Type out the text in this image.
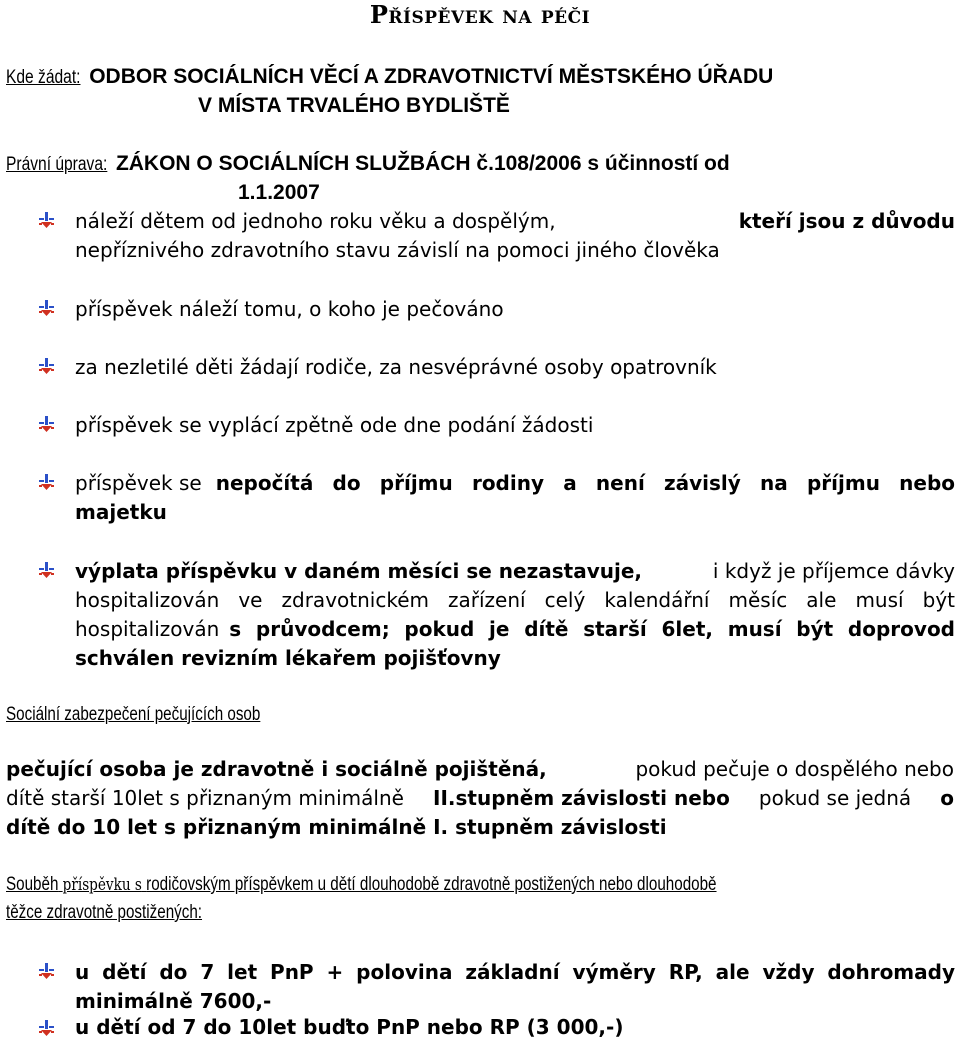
Příspěvek na péči
Kde žádat: ODBOR SOCIÁLNÍCH VĚCÍ A ZDRAVOTNICTVÍ MĚSTSKÉHO ÚŘADU
V MÍSTA TRVALÉHO BYDLIŠTĚ
Právní úprava: ZÁKON O SOCIÁLNÍCH SLUŽBÁCH č.108/2006 s účinností od
1.1.2007
náleží dětem od jednoho roku věku a dospělým,	kteří jsou z důvodu
nepříznivého zdravotního stavu závislí na pomoci jiného člověka
příspěvek náleží tomu, o koho je pečováno
za nezletilé děti žádají rodiče, za nesvéprávné osoby opatrovník
příspěvek se vyplácí zpětně ode dne podání žádosti
příspěvek se nepočítá do příjmu rodiny a není závislý na příjmu nebo
majetku
výplata příspěvku v daném měsíci se nezastavuje,	i když je příjemce dávky
hospitalizován ve zdravotnickém zařízení celý kalendářní měsíc ale musí být
hospitalizován s průvodcem; pokud je dítě starší 6let, musí být doprovod
schválen revizním lékařem pojišťovny
Sociální zabezpečení pečujících osob
pečující osoba je zdravotně i sociálně pojištěná,	pokud pečuje o dospělého nebo
dítě starší 10let s přiznaným minimálně II.stupněm závislosti nebo pokud se jedná o
dítě do 10 let s přiznaným minimálně I. stupněm závislosti
Souběh příspěvku s rodičovským příspěvkem u dětí dlouhodobě zdravotně postižených nebo dlouhodobě
těžce zdravotně postižených:
u dětí do 7 let PnP + polovina základní výměry RP, ale vždy dohromady
minimálně 7600,-
u dětí od 7 do 10let buďto PnP nebo RP (3 000,-)
